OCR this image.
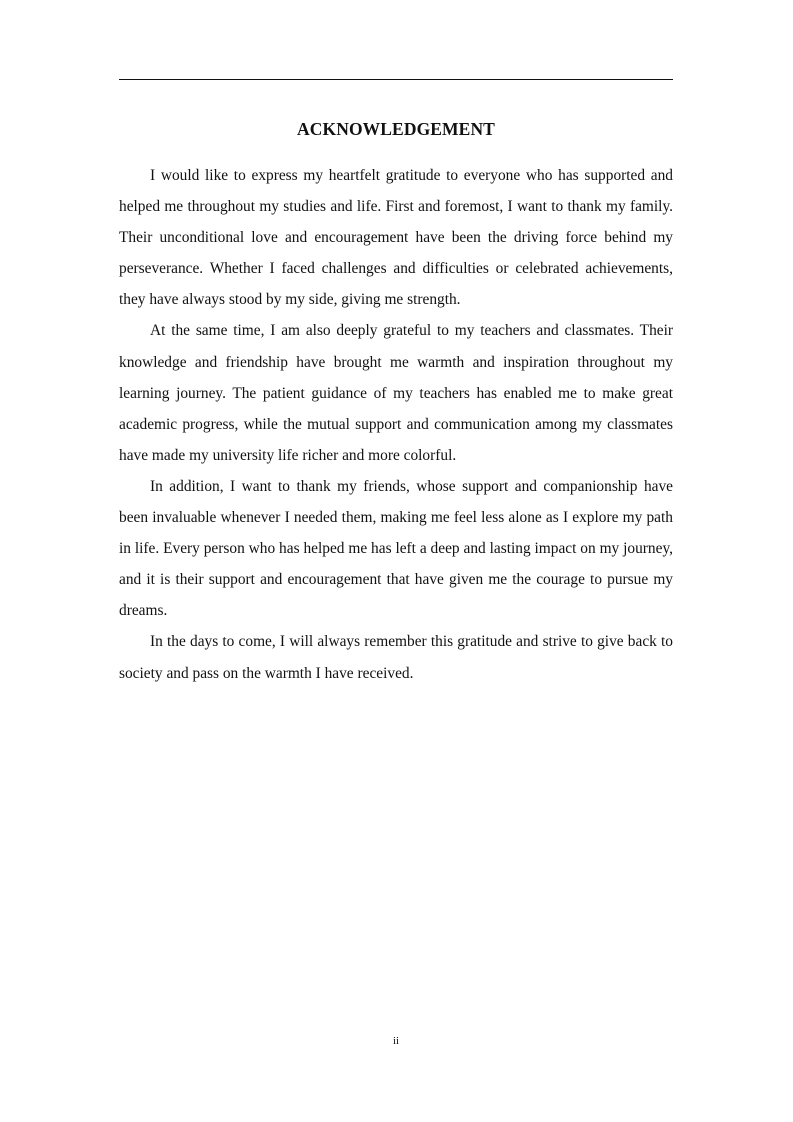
ACKNOWLEDGEMENT

I would like to express my heartfelt gratitude to everyone who has supported and helped me throughout my studies and life. First and foremost, I want to thank my family. Their unconditional love and encouragement have been the driving force behind my perseverance. Whether I faced challenges and difficulties or celebrated achievements, they have always stood by my side, giving me strength.

At the same time, I am also deeply grateful to my teachers and classmates. Their knowledge and friendship have brought me warmth and inspiration throughout my learning journey. The patient guidance of my teachers has enabled me to make great academic progress, while the mutual support and communication among my classmates have made my university life richer and more colorful.

In addition, I want to thank my friends, whose support and companionship have been invaluable whenever I needed them, making me feel less alone as I explore my path in life. Every person who has helped me has left a deep and lasting impact on my journey, and it is their support and encouragement that have given me the courage to pursue my dreams.

In the days to come, I will always remember this gratitude and strive to give back to society and pass on the warmth I have received.

ii
